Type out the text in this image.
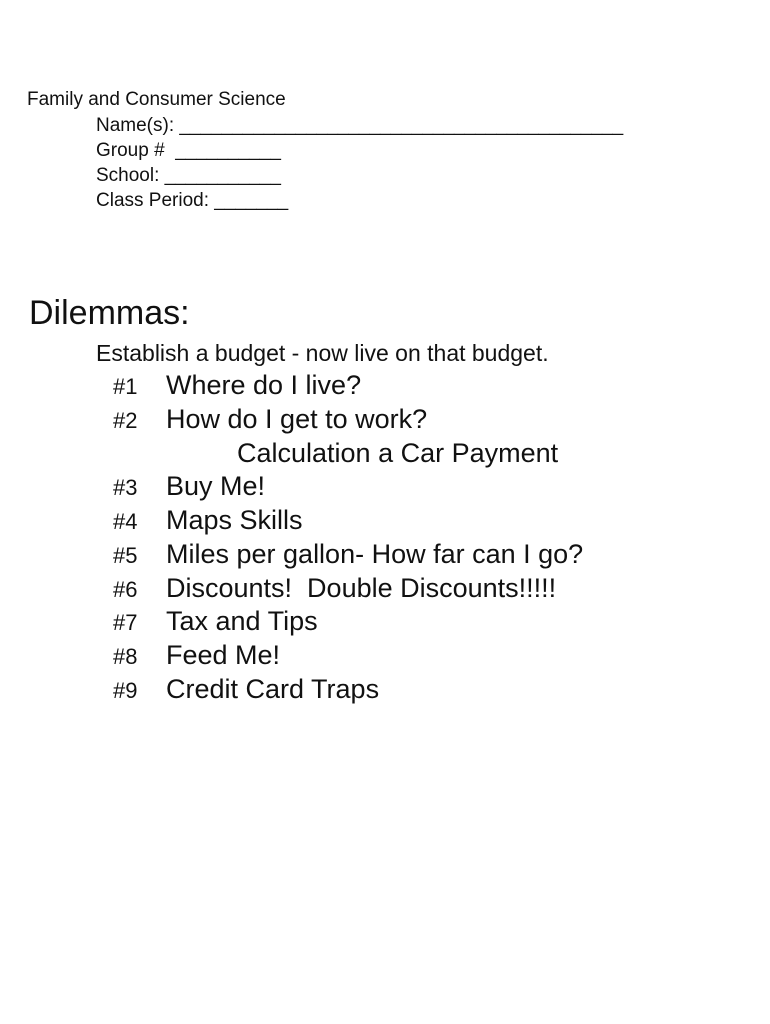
Family and Consumer Science
Name(s): __________________________________________
Group #  __________
School: ___________
Class Period: _______
Dilemmas:
Establish a budget - now live on that budget.

#1

Where do I live?

#2

How do I get to work?

Calculation a Car Payment

#3

Buy Me!

#4

Maps Skills

#5

Miles per gallon- How far can I go?

#6

Discounts!  Double Discounts!!!!!

#7

Tax and Tips

#8

Feed Me!

#9

Credit Card Traps
